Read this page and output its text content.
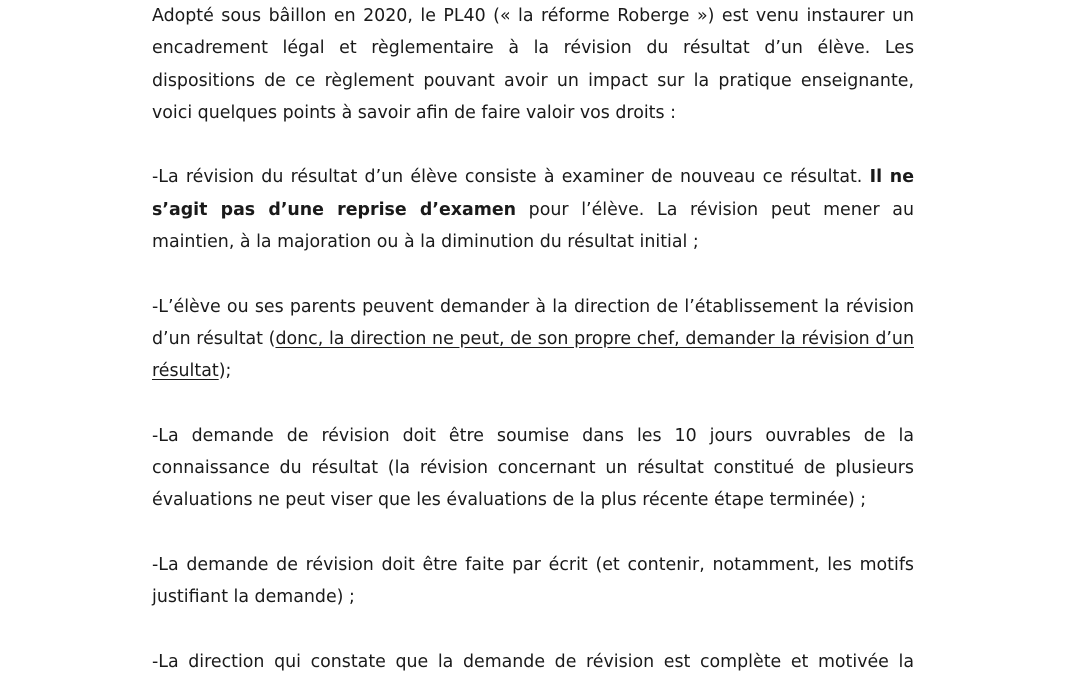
Adopté sous bâillon en 2020, le PL40 (« la réforme Roberge ») est venu instaurer un encadrement légal et règlementaire à la révision du résultat d’un élève. Les dispositions de ce règlement pouvant avoir un impact sur la pratique enseignante, voici quelques points à savoir afin de faire valoir vos droits :

-La révision du résultat d’un élève consiste à examiner de nouveau ce résultat. Il ne s’agit pas d’une reprise d’examen pour l’élève. La révision peut mener au maintien, à la majoration ou à la diminution du résultat initial ;

-L’élève ou ses parents peuvent demander à la direction de l’établissement la révision d’un résultat (donc, la direction ne peut, de son propre chef, demander la révision d’un résultat);

-La demande de révision doit être soumise dans les 10 jours ouvrables de la connaissance du résultat (la révision concernant un résultat constitué de plusieurs évaluations ne peut viser que les évaluations de la plus récente étape terminée) ;

-La demande de révision doit être faite par écrit (et contenir, notamment, les motifs justifiant la demande) ;

-La direction qui constate que la demande de révision est complète et motivée la
